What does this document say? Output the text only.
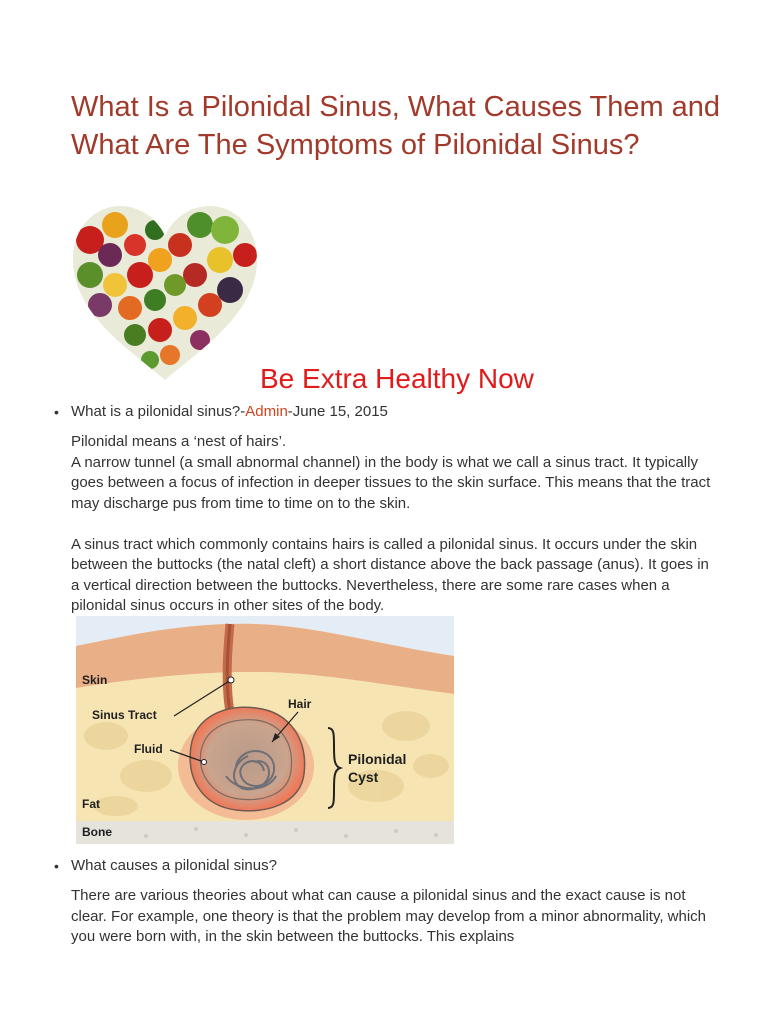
What Is a Pilonidal Sinus, What Causes Them and What Are The Symptoms of Pilonidal Sinus?
Be Extra Healthy Now
• What is a pilonidal sinus?-Admin-June 15, 2015

Pilonidal means a ‘nest of hairs’.

A narrow tunnel (a small abnormal channel) in the body is what we call a sinus tract. It typically goes between a focus of infection in deeper tissues to the skin surface. This means that the tract may discharge pus from time to time on to the skin.

A sinus tract which commonly contains hairs is called a pilonidal sinus. It occurs under the skin between the buttocks (the natal cleft) a short distance above the back passage (anus). It goes in a vertical direction between the buttocks. Nevertheless, there are some rare cases when a pilonidal sinus occurs in other sites of the body.

Skin
Sinus Tract
Hair
Fluid
Pilonidal
Cyst
Fat
Bone
• What causes a pilonidal sinus?

There are various theories about what can cause a pilonidal sinus and the exact cause is not clear. For example, one theory is that the problem may develop from a minor abnormality, which you were born with, in the skin between the buttocks. This explains
